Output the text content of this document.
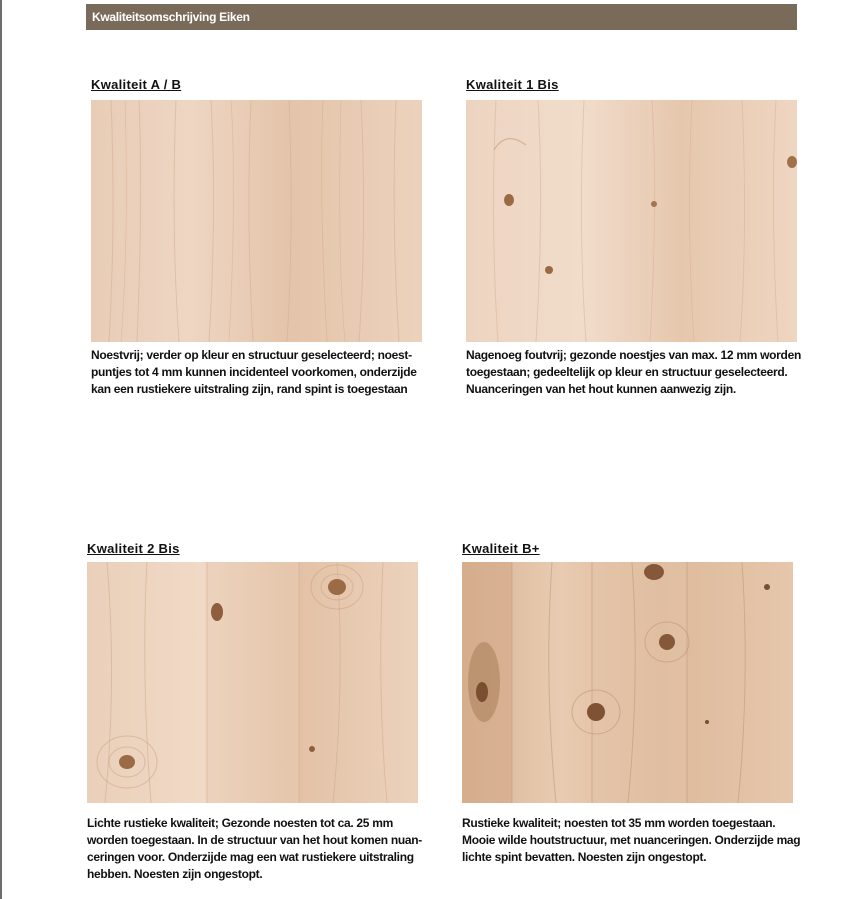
Kwaliteitsomschrijving Eiken
Kwaliteit A / B
Noestvrij; verder op kleur en structuur geselecteerd; noest-
puntjes tot 4 mm kunnen incidenteel voorkomen, onderzijde
kan een rustiekere uitstraling zijn, rand spint is toegestaan
Kwaliteit 1 Bis
Nagenoeg foutvrij; gezonde noestjes van max. 12 mm worden
toegestaan; gedeeltelijk op kleur en structuur geselecteerd.
Nuanceringen van het hout kunnen aanwezig zijn.
Kwaliteit 2 Bis
Lichte rustieke kwaliteit; Gezonde noesten tot ca. 25 mm
worden toegestaan. In de structuur van het hout komen nuan-
ceringen voor. Onderzijde mag een wat rustiekere uitstraling
hebben. Noesten zijn ongestopt.
Kwaliteit B+
Rustieke kwaliteit; noesten tot 35 mm worden toegestaan.
Mooie wilde houtstructuur, met nuanceringen. Onderzijde mag
lichte spint bevatten. Noesten zijn ongestopt.
